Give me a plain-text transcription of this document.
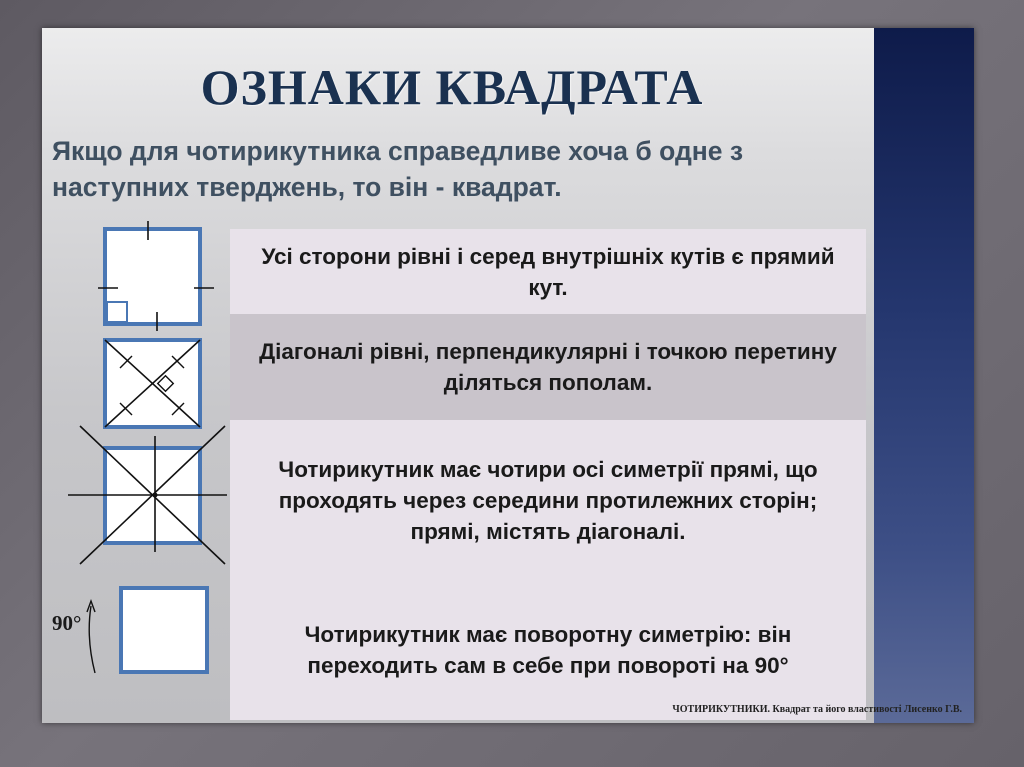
ОЗНАКИ КВАДРАТА
Якщо для чотирикутника справедливе хоча б одне з наступних тверджень, то він - квадрат.
Усі сторони рівні і серед внутрішніх кутів є прямий кут.
Діагоналі рівні, перпендикулярні і точкою перетину діляться пополам.
Чотирикутник має чотири осі симетрії прямі, що проходять через середини протилежних сторін; прямі, містять діагоналі.
Чотирикутник має поворотну симетрію: він переходить сам в себе при повороті на 90°
90°
ЧОТИРИКУТНИКИ. Квадрат та його властивості Лисенко Г.В.
